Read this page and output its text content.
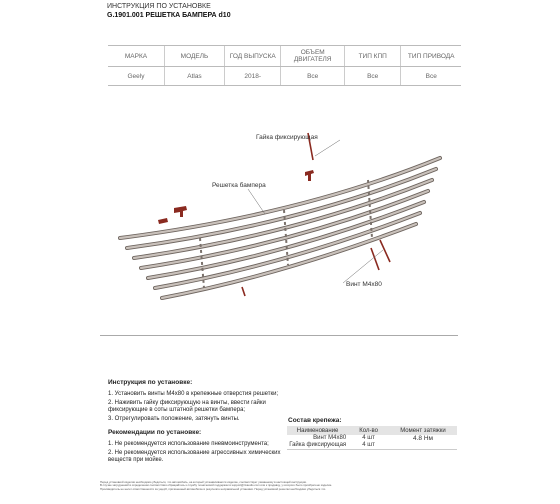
ИНСТРУКЦИЯ ПО УСТАНОВКЕ
G.1901.001 РЕШЕТКА БАМПЕРА d10
МАРКА	МОДЕЛЬ	ГОД ВЫПУСКА	ОБЪЕМ ДВИГАТЕЛЯ	ТИП КПП	ТИП ПРИВОДА
Geely	Atlas	2018-	Все	Все	Все
Гайка фиксирующая
Решетка бампера
Винт М4х80
Инструкция по установке:
1. Установить винты М4х80 в крепежные отверстия решетки;
2. Наживить гайку фиксирующую на винты, ввести гайки фиксирующие в соты штатной решетки бампера;
3. Отрегулировать положение, затянуть винты.
Рекомендации по установке:
1. Не рекомендуется использование пневмоинструмента;
2. Не рекомендуется использование агрессивных химических веществ при мойке.
Состав крепежа:
Наименование	Кол-во	Момент затяжки
Винт М4х80	4 шт	4.8 Нм
Гайка фиксирующая	4 шт	
Перед установкой изделия необходимо убедиться, что автомобиль, на который устанавливается изделие, соответствует указанному в настоящей инструкции.
В случае затруднений в определении соответствия обращайтесь к службу технической поддержки в support@rivaudio.com или к продавцу, у которого было приобретено изделие.
Производитель не несет ответственности за ущерб, причиненный автомобилю в результате неправильной установки. Перед установкой решетки необходимо убедиться что
